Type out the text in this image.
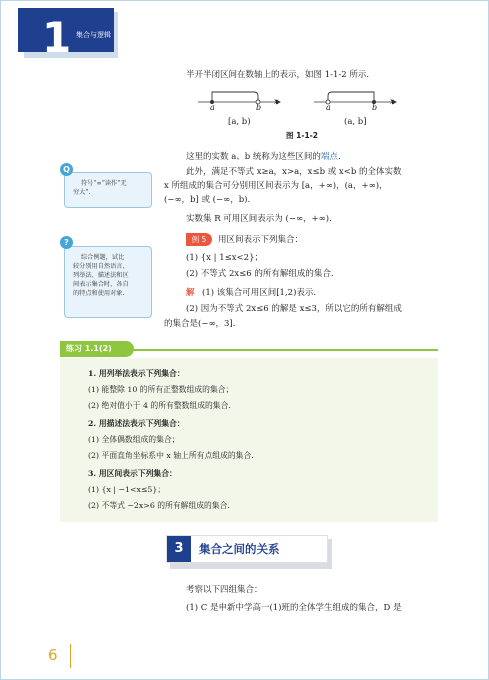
1 集合与逻辑
半开半闭区间在数轴上的表示，如图 1-1-2 所示.
a	b
x
a	b
x
[a, b)	(a, b]
图 1-1-2
这里的实数 a、b 统称为这些区间的端点.
此外，满足不等式 x≥a，x>a，x≤b 或 x<b 的全体实数
x 所组成的集合可分别用区间表示为 [a，+∞)，(a，+∞)，
(−∞，b] 或 (−∞，b).
实数集 R 可用区间表示为 (−∞，+∞).
例 5	用区间表示下列集合：
(1) {x | 1≤x<2}；
(2) 不等式 2x≤6 的所有解组成的集合.
解 (1) 该集合可用区间[1,2)表示.
(2) 因为不等式 2x≤6 的解是 x≤3，所以它的所有解组成
的集合是(−∞，3].
符号“∞”读作“无
穷大”.
Q
综合例题，试比
较分别用自然语言、
列举法、描述法和区
间表示集合时，各自
的特点和使用对象.
?
练习 1.1(2)
1. 用列举法表示下列集合：
(1) 能整除 10 的所有正整数组成的集合；
(2) 绝对值小于 4 的所有整数组成的集合.
2. 用描述法表示下列集合：
(1) 全体偶数组成的集合；
(2) 平面直角坐标系中 x 轴上所有点组成的集合.
3. 用区间表示下列集合：
(1) {x | −1<x≤5}；
(2) 不等式 −2x>6 的所有解组成的集合.
3	集合之间的关系
考察以下四组集合：
(1) C 是申新中学高一(1)班的全体学生组成的集合，D 是
6
